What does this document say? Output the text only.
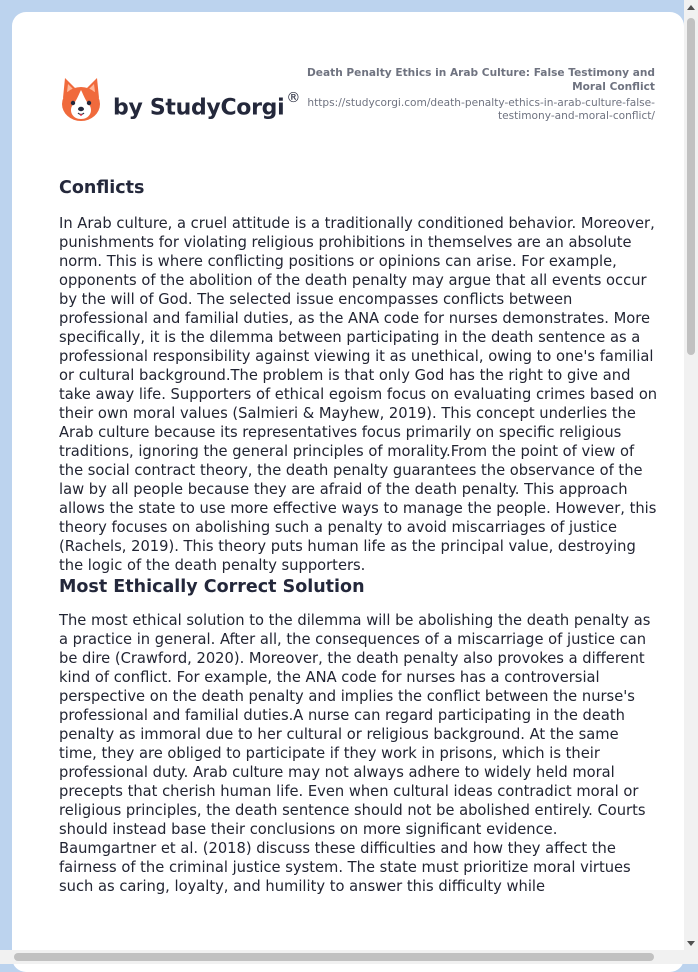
by StudyCorgi ®
Death Penalty Ethics in Arab Culture: False Testimony and Moral Conflict
https://studycorgi.com/death-penalty-ethics-in-arab-culture-false-testimony-and-moral-conflict/
Conflicts

In Arab culture, a cruel attitude is a traditionally conditioned behavior. Moreover, punishments for violating religious prohibitions in themselves are an absolute norm. This is where conflicting positions or opinions can arise. For example, opponents of the abolition of the death penalty may argue that all events occur by the will of God. The selected issue encompasses conflicts between professional and familial duties, as the ANA code for nurses demonstrates. More specifically, it is the dilemma between participating in the death sentence as a professional responsibility against viewing it as unethical, owing to one's familial or cultural background.The problem is that only God has the right to give and take away life. Supporters of ethical egoism focus on evaluating crimes based on their own moral values (Salmieri & Mayhew, 2019). This concept underlies the Arab culture because its representatives focus primarily on specific religious traditions, ignoring the general principles of morality.From the point of view of the social contract theory, the death penalty guarantees the observance of the law by all people because they are afraid of the death penalty. This approach allows the state to use more effective ways to manage the people. However, this theory focuses on abolishing such a penalty to avoid miscarriages of justice (Rachels, 2019). This theory puts human life as the principal value, destroying the logic of the death penalty supporters.

Most Ethically Correct Solution

The most ethical solution to the dilemma will be abolishing the death penalty as a practice in general. After all, the consequences of a miscarriage of justice can be dire (Crawford, 2020). Moreover, the death penalty also provokes a different kind of conflict. For example, the ANA code for nurses has a controversial perspective on the death penalty and implies the conflict between the nurse's professional and familial duties.A nurse can regard participating in the death penalty as immoral due to her cultural or religious background. At the same time, they are obliged to participate if they work in prisons, which is their professional duty. Arab culture may not always adhere to widely held moral precepts that cherish human life. Even when cultural ideas contradict moral or religious principles, the death sentence should not be abolished entirely. Courts should instead base their conclusions on more significant evidence. Baumgartner et al. (2018) discuss these difficulties and how they affect the fairness of the criminal justice system. The state must prioritize moral virtues such as caring, loyalty, and humility to answer this difficulty while
